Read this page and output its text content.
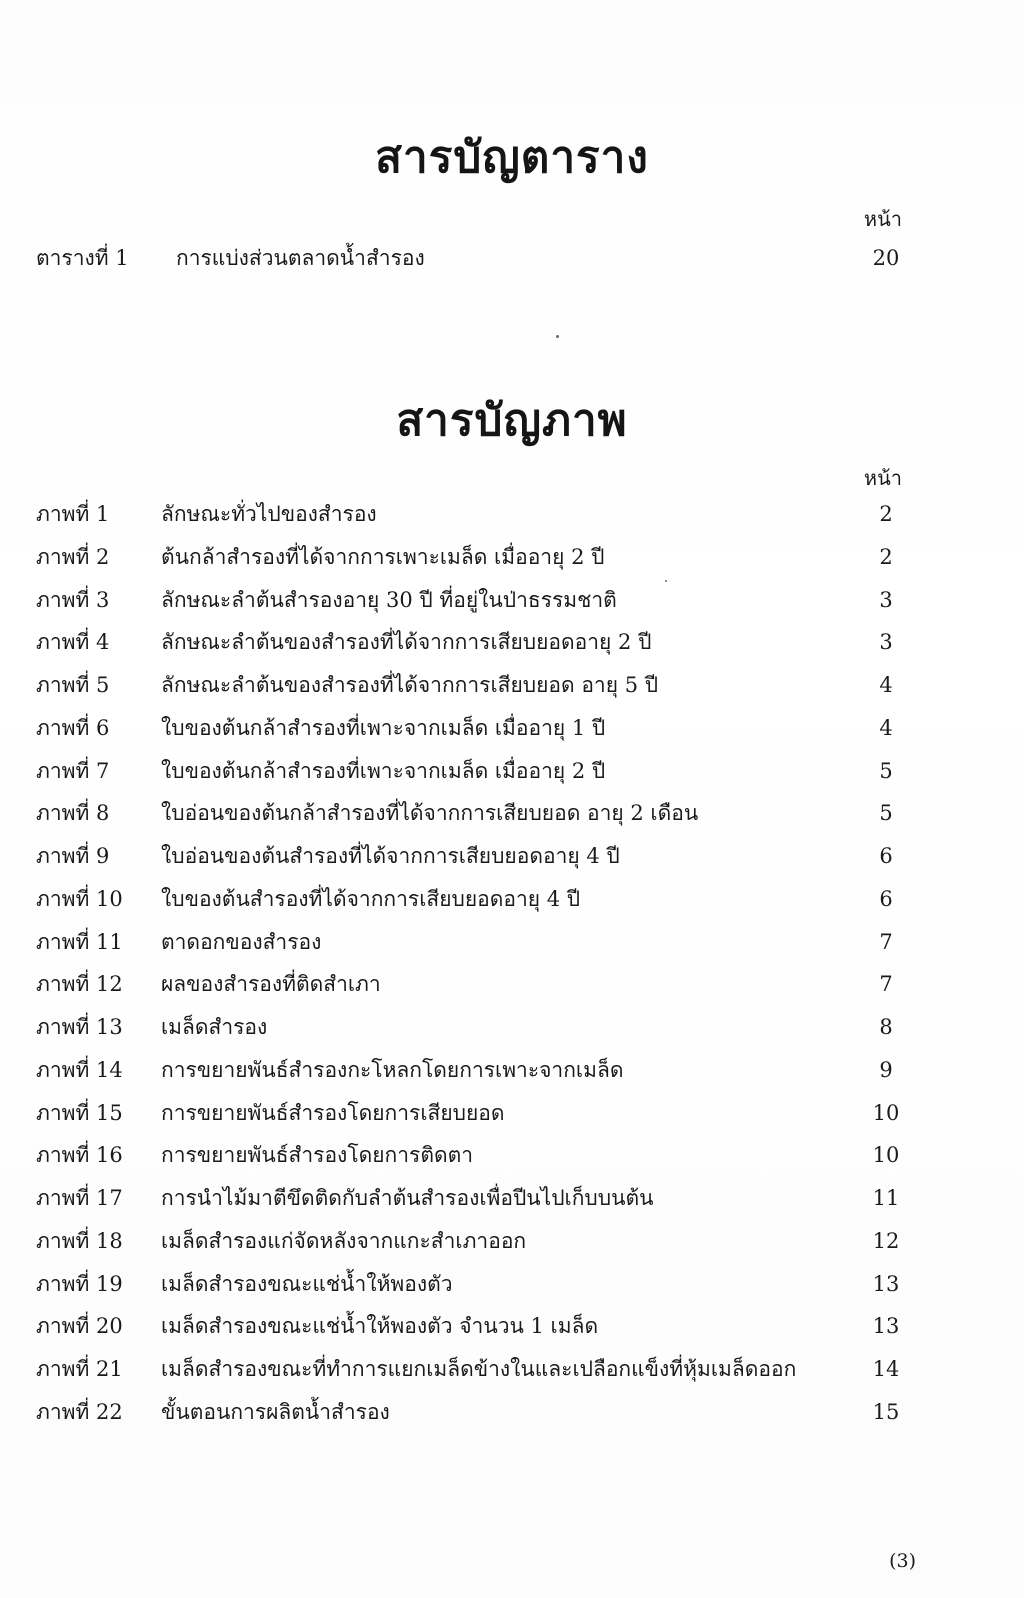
สารบัญตาราง
หน้า
ตารางที่ 1 การแบ่งส่วนตลาดน้ำสำรอง	20
สารบัญภาพ
หน้า
ภาพที่ 1 ลักษณะทั่วไปของสำรอง	2
ภาพที่ 2 ต้นกล้าสำรองที่ได้จากการเพาะเมล็ด เมื่ออายุ 2 ปี	2
ภาพที่ 3 ลักษณะลำต้นสำรองอายุ 30 ปี ที่อยู่ในป่าธรรมชาติ	3
ภาพที่ 4 ลักษณะลำต้นของสำรองที่ได้จากการเสียบยอดอายุ 2 ปี	3
ภาพที่ 5 ลักษณะลำต้นของสำรองที่ได้จากการเสียบยอด อายุ 5 ปี	4
ภาพที่ 6 ใบของต้นกล้าสำรองที่เพาะจากเมล็ด เมื่ออายุ 1 ปี	4
ภาพที่ 7 ใบของต้นกล้าสำรองที่เพาะจากเมล็ด เมื่ออายุ 2 ปี	5
ภาพที่ 8 ใบอ่อนของต้นกล้าสำรองที่ได้จากการเสียบยอด อายุ 2 เดือน	5
ภาพที่ 9 ใบอ่อนของต้นสำรองที่ได้จากการเสียบยอดอายุ 4 ปี	6
ภาพที่ 10 ใบของต้นสำรองที่ได้จากการเสียบยอดอายุ 4 ปี	6
ภาพที่ 11 ตาดอกของสำรอง	7
ภาพที่ 12 ผลของสำรองที่ติดสำเภา	7
ภาพที่ 13 เมล็ดสำรอง	8
ภาพที่ 14 การขยายพันธ์สำรองกะโหลกโดยการเพาะจากเมล็ด	9
ภาพที่ 15 การขยายพันธ์สำรองโดยการเสียบยอด	10
ภาพที่ 16 การขยายพันธ์สำรองโดยการติดตา	10
ภาพที่ 17 การนำไม้มาตีขึดติดกับลำต้นสำรองเพื่อปีนไปเก็บบนต้น	11
ภาพที่ 18 เมล็ดสำรองแก่จัดหลังจากแกะสำเภาออก	12
ภาพที่ 19 เมล็ดสำรองขณะแช่น้ำให้พองตัว	13
ภาพที่ 20 เมล็ดสำรองขณะแช่น้ำให้พองตัว จำนวน 1 เมล็ด	13
ภาพที่ 21 เมล็ดสำรองขณะที่ทำการแยกเมล็ดข้างในและเปลือกแข็งที่หุ้มเมล็ดออก	14
ภาพที่ 22 ขั้นตอนการผลิตน้ำสำรอง	15
(3)
